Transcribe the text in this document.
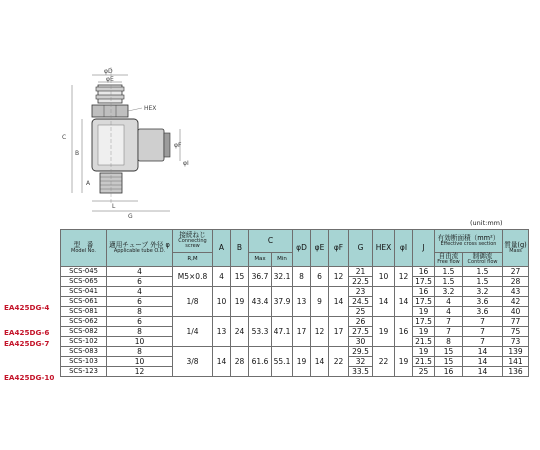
φD
φE
HEX
φF
C
B
A
L
G
φI
(unit:mm)
EA425DG-4
EA425DG-6
EA425DG-7
EA425DG-10
型　番
Model No.	適用チューブ 外径 φ
Applicable tube O.D.	接続ねじ
Connecting screw	A	B	C		φD	φE	φF	G	HEX	φI	J	有効断面積（mm²）
Effective cross section		質量(g)
Mass

		R,M			Max	Min								自由流
Free flow	制御流
Control flow	

SCS-045	4	M5×0.8	4	15	36.7	32.1	8	6	12	21	10	12	16	1.5	1.5	27
SCS-065	6									22.5			17.5	1.5	1.5	28
SCS-041	4	1/8	10	19	43.4	37.9	13	9	14	23	14	14	16	3.2	3.2	43
SCS-061	6									24.5			17.5	4	3.6	42
SCS-081	8									25			19	4	3.6	40
SCS-062	6	1/4	13	24	53.3	47.1	17	12	17	26	19	16	17.5	7	7	77
SCS-082	8									27.5			19	7	7	75
SCS-102	10									30			21.5	8	7	73
SCS-083	8	3/8	14	28	61.6	55.1	19	14	22	29.5	22	19	19	15	14	139
SCS-103	10									32			21.5	15	14	141
SCS-123	12									33.5			25	16	14	136
